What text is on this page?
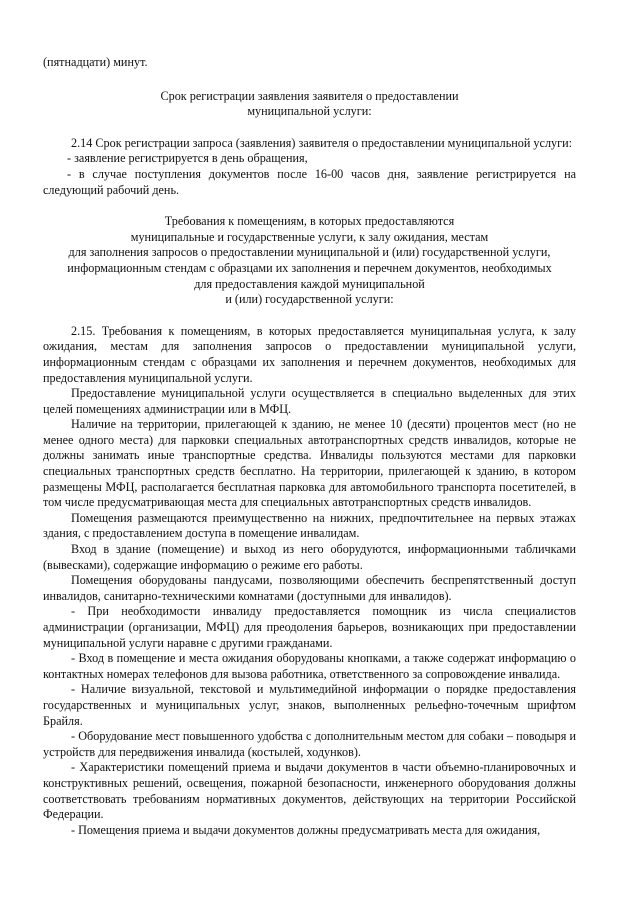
(пятнадцати) минут.

Срок регистрации заявления заявителя о предоставлении

муниципальной услуги:

2.14 Срок регистрации запроса (заявления) заявителя о предоставлении муниципальной услуги:

- заявление регистрируется в день обращения,

- в случае поступления документов после 16-00 часов дня, заявление регистрируется на следующий рабочий день.

Требования к помещениям, в которых предоставляются

муниципальные и государственные услуги, к залу ожидания, местам

для заполнения запросов о предоставлении муниципальной и (или) государственной услуги,

информационным стендам с образцами их заполнения и перечнем документов, необходимых

для предоставления каждой муниципальной

и (или) государственной услуги:

2.15. Требования к помещениям, в которых предоставляется муниципальная услуга, к залу ожидания, местам для заполнения запросов о предоставлении муниципальной услуги, информационным стендам с образцами их заполнения и перечнем документов, необходимых для предоставления муниципальной услуги.

Предоставление муниципальной услуги осуществляется в специально выделенных для этих целей помещениях администрации или в МФЦ.

Наличие на территории, прилегающей к зданию, не менее 10 (десяти) процентов мест (но не менее одного места) для парковки специальных автотранспортных средств инвалидов, которые не должны занимать иные транспортные средства. Инвалиды пользуются местами для парковки специальных транспортных средств бесплатно. На территории, прилегающей к зданию, в котором размещены МФЦ, располагается бесплатная парковка для автомобильного транспорта посетителей, в том числе предусматривающая места для специальных автотранспортных средств инвалидов.

Помещения размещаются преимущественно на нижних, предпочтительнее на первых этажах здания, с предоставлением доступа в помещение инвалидам.

Вход в здание (помещение) и выход из него оборудуются, информационными табличками (вывесками), содержащие информацию о режиме его работы.

Помещения оборудованы пандусами, позволяющими обеспечить беспрепятственный доступ инвалидов, санитарно-техническими комнатами (доступными для инвалидов).

- При необходимости инвалиду предоставляется помощник из числа специалистов администрации (организации, МФЦ) для преодоления барьеров, возникающих при предоставлении муниципальной услуги наравне с другими гражданами.

- Вход в помещение и места ожидания оборудованы кнопками, а также содержат информацию о контактных номерах телефонов для вызова работника, ответственного за сопровождение инвалида.

- Наличие визуальной, текстовой и мультимедийной информации о порядке предоставления государственных и муниципальных услуг, знаков, выполненных рельефно-точечным шрифтом Брайля.

- Оборудование мест повышенного удобства с дополнительным местом для собаки – поводыря и устройств для передвижения инвалида (костылей, ходунков).

- Характеристики помещений приема и выдачи документов в части объемно-планировочных и конструктивных решений, освещения, пожарной безопасности, инженерного оборудования должны соответствовать требованиям нормативных документов, действующих на территории Российской Федерации.

- Помещения приема и выдачи документов должны предусматривать места для ожидания,
